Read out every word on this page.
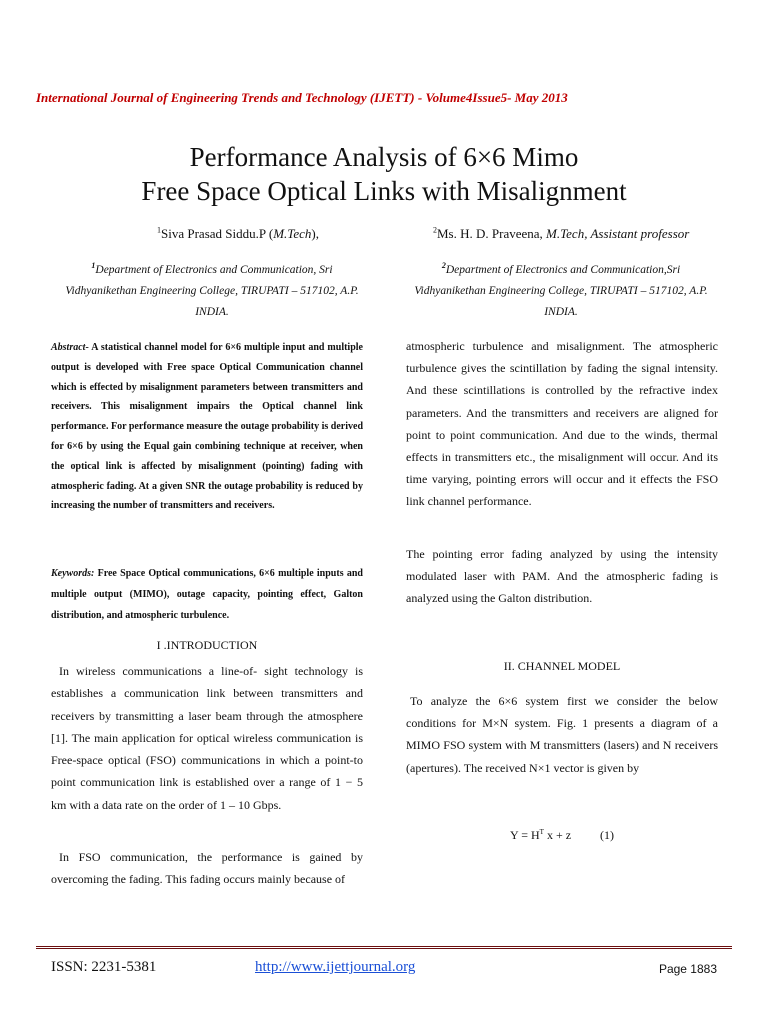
International Journal of Engineering Trends and Technology (IJETT) - Volume4Issue5- May 2013
Performance Analysis of 6×6 Mimo
Free Space Optical Links with Misalignment
$^1$Siva Prasad Siddu.P (M.Tech),	$^2$Ms. H. D. Praveena, M.Tech, Assistant professor
$^1$Department of Electronics and Communication, Sri
Vidhyanikethan Engineering College, TIRUPATI – 517102, A.P.
INDIA.
$^2$Department of Electronics and Communication,Sri
Vidhyanikethan Engineering College, TIRUPATI – 517102, A.P.
INDIA.
Abstract- A statistical channel model for 6×6 multiple input and multiple output is developed with Free space Optical Communication channel which is effected by misalignment parameters between transmitters and receivers. This misalignment impairs the Optical channel link performance. For performance measure the outage probability is derived for 6×6 by using the Equal gain combining technique at receiver, when the optical link is affected by misalignment (pointing) fading with atmospheric fading. At a given SNR the outage probability is reduced by increasing the number of transmitters and receivers.
Keywords: Free Space Optical communications, 6×6 multiple inputs and multiple output (MIMO), outage capacity, pointing effect, Galton distribution, and atmospheric turbulence.
I .INTRODUCTION
In wireless communications a line-of- sight technology is establishes a communication link between transmitters and receivers by transmitting a laser beam through the atmosphere [1]. The main application for optical wireless communication is Free-space optical (FSO) communications in which a point-to point communication link is established over a range of 1 − 5 km with a data rate on the order of 1 – 10 Gbps.
In FSO communication, the performance is gained by overcoming the fading. This fading occurs mainly because of
atmospheric turbulence and misalignment. The atmospheric turbulence gives the scintillation by fading the signal intensity. And these scintillations is controlled by the refractive index parameters. And the transmitters and receivers are aligned for point to point communication. And due to the winds, thermal effects in transmitters etc., the misalignment will occur. And its time varying, pointing errors will occur and it effects the FSO link channel performance.
The pointing error fading analyzed by using the intensity modulated laser with PAM. And the atmospheric fading is analyzed using the Galton distribution.
II. CHANNEL MODEL
To analyze the 6×6 system first we consider the below conditions for M×N system. Fig. 1 presents a diagram of a MIMO FSO system with M transmitters (lasers) and N receivers (apertures). The received N×1 vector is given by
$Y = H^T$ x + z (1)
ISSN: 2231-5381	http://www.ijettjournal.org	Page 1883
